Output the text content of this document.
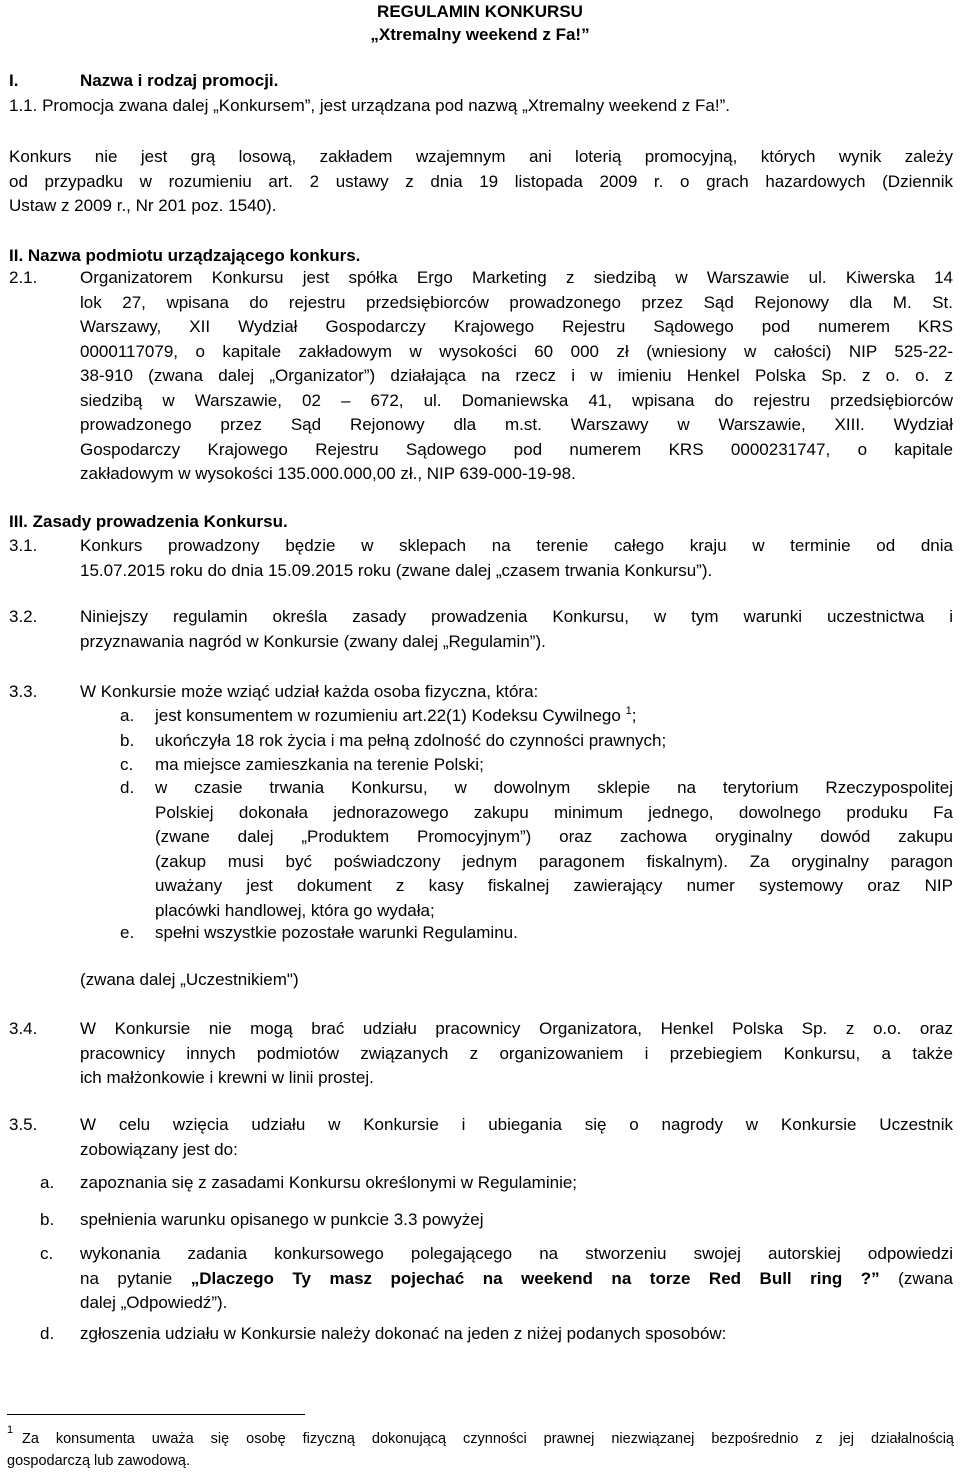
REGULAMIN KONKURSU

„Xtremalny weekend z Fa!”

I.	Nazwa i rodzaj promocji.

1.1. Promocja zwana dalej „Konkursem”, jest urządzana pod nazwą „Xtremalny weekend z Fa!”.

Konkurs nie jest grą losową, zakładem wzajemnym ani loterią promocyjną, których wynik zależy
od przypadku w rozumieniu art. 2 ustawy z dnia 19 listopada 2009 r. o grach hazardowych (Dziennik
Ustaw z 2009 r., Nr 201 poz. 1540).

II. Nazwa podmiotu urządzającego konkurs.

2.1.	Organizatorem Konkursu jest spółka Ergo Marketing z siedzibą w Warszawie ul. Kiwerska 14
lok 27, wpisana do rejestru przedsiębiorców prowadzonego przez Sąd Rejonowy dla M. St.
Warszawy, XII Wydział Gospodarczy Krajowego Rejestru Sądowego pod numerem KRS
0000117079, o kapitale zakładowym w wysokości 60 000 zł (wniesiony w całości) NIP 525-22-
38-910 (zwana dalej „Organizator”) działająca na rzecz i w imieniu Henkel Polska Sp. z o. o. z
siedzibą w Warszawie, 02 – 672, ul. Domaniewska 41, wpisana do rejestru przedsiębiorców
prowadzonego przez Sąd Rejonowy dla m.st. Warszawy w Warszawie, XIII. Wydział
Gospodarczy Krajowego Rejestru Sądowego pod numerem KRS 0000231747, o kapitale
zakładowym w wysokości 135.000.000,00 zł., NIP 639-000-19-98.

III. Zasady prowadzenia Konkursu.

3.1.	Konkurs prowadzony będzie w sklepach na terenie całego kraju w terminie od dnia
15.07.2015 roku do dnia 15.09.2015 roku (zwane dalej „czasem trwania Konkursu”).

3.2.	Niniejszy regulamin określa zasady prowadzenia Konkursu, w tym warunki uczestnictwa i
przyznawania nagród w Konkursie (zwany dalej „Regulamin”).

3.3.	W Konkursie może wziąć udział każda osoba fizyczna, która:

a. jest konsumentem w rozumieniu art.22(1) Kodeksu Cywilnego $^1$;

b. ukończyła 18 rok życia i ma pełną zdolność do czynności prawnych;

c. ma miejsce zamieszkania na terenie Polski;

d. w czasie trwania Konkursu, w dowolnym sklepie na terytorium Rzeczypospolitej
Polskiej dokonała jednorazowego zakupu minimum jednego, dowolnego produku Fa
(zwane dalej „Produktem Promocyjnym”) oraz zachowa oryginalny dowód zakupu
(zakup musi być poświadczony jednym paragonem fiskalnym). Za oryginalny paragon
uważany jest dokument z kasy fiskalnej zawierający numer systemowy oraz NIP
placówki handlowej, która go wydała;

e. spełni wszystkie pozostałe warunki Regulaminu.

(zwana dalej „Uczestnikiem")

3.4.	W Konkursie nie mogą brać udziału pracownicy Organizatora, Henkel Polska Sp. z o.o. oraz
pracownicy innych podmiotów związanych z organizowaniem i przebiegiem Konkursu, a także
ich małżonkowie i krewni w linii prostej.

3.5.	W celu wzięcia udziału w Konkursie i ubiegania się o nagrody w Konkursie Uczestnik
zobowiązany jest do:

a. zapoznania się z zasadami Konkursu określonymi w Regulaminie;

b. spełnienia warunku opisanego w punkcie 3.3 powyżej

c. wykonania zadania konkursowego polegającego na stworzeniu swojej autorskiej odpowiedzi
na pytanie „Dlaczego Ty masz pojechać na weekend na torze Red Bull ring ?” (zwana
dalej „Odpowiedź”).

d. zgłoszenia udziału w Konkursie należy dokonać na jeden z niżej podanych sposobów:

1

Za konsumenta uważa się osobę fizyczną dokonującą czynności prawnej niezwiązanej bezpośrednio z jej działalnością

gospodarczą lub zawodową.
